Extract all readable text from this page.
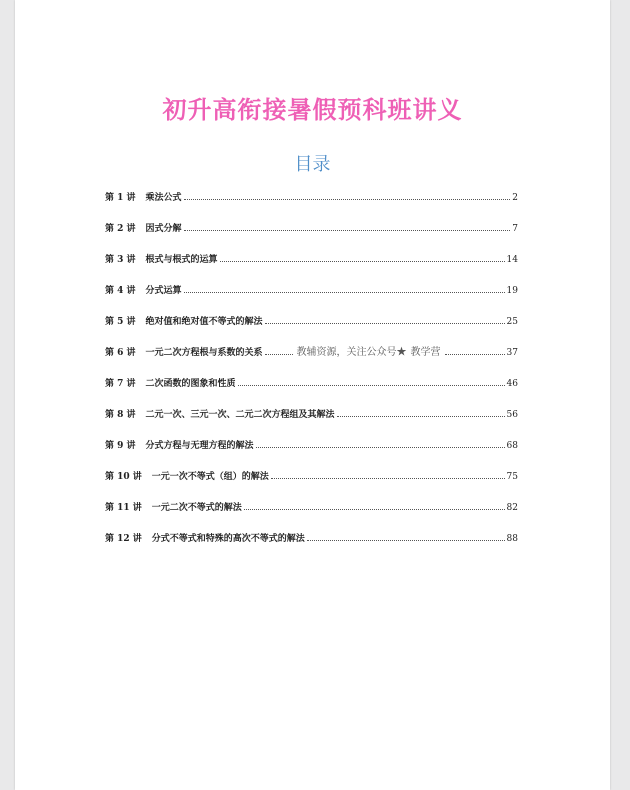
初升高衔接暑假预科班讲义
目录
第 1 讲 乘法公式	2
第 2 讲 因式分解	7
第 3 讲 根式与根式的运算	14
第 4 讲 分式运算	19
第 5 讲 绝对值和绝对值不等式的解法	25
第 6 讲 一元二次方程根与系数的关系	教辅资源，关注公众号★ 教学营	37
第 7 讲 二次函数的图象和性质	46
第 8 讲 二元一次、三元一次、二元二次方程组及其解法	56
第 9 讲 分式方程与无理方程的解法	68
第 10 讲 一元一次不等式（组）的解法	75
第 11 讲 一元二次不等式的解法	82
第 12 讲 分式不等式和特殊的高次不等式的解法	88
